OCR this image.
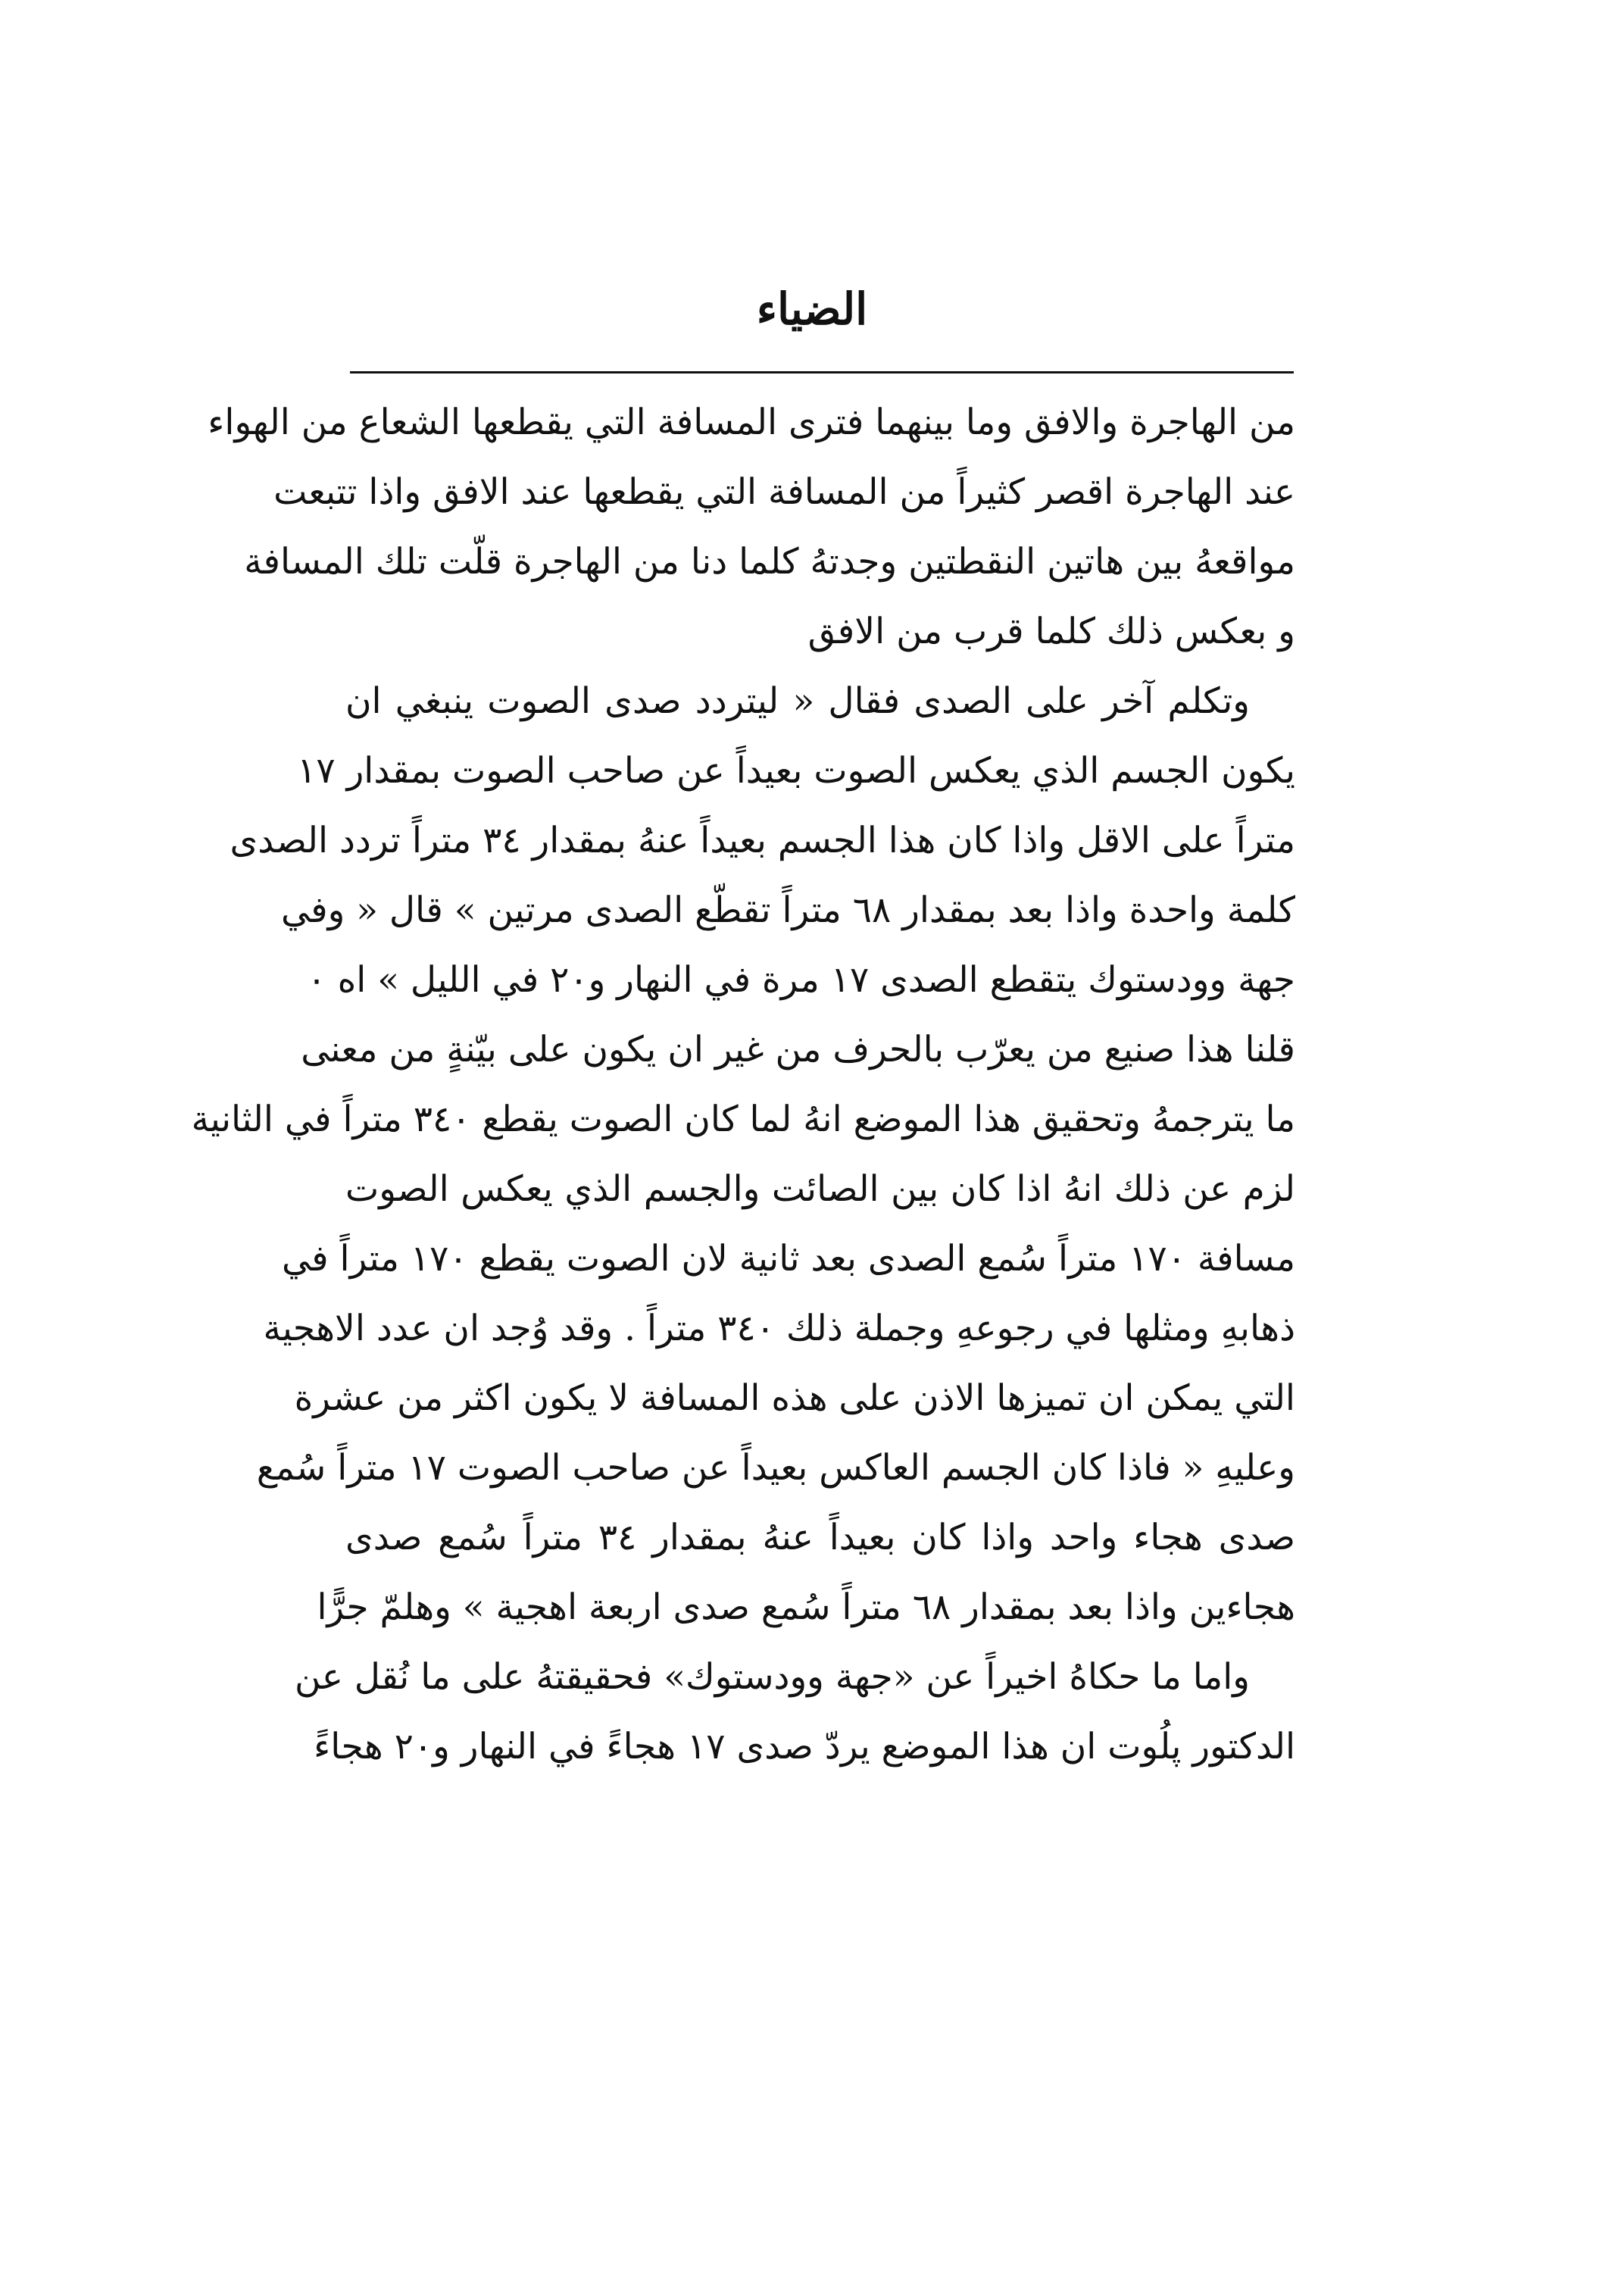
الضياء
من الهاجرة والافق وما بينهما فترى المسافة التي يقطعها الشعاع من الهواء
عند الهاجرة اقصر كثيراً من المسافة التي يقطعها عند الافق واذا تتبعت
مواقعهُ بين هاتين النقطتين وجدتهُ كلما دنا من الهاجرة قلّت تلك المسافة
و بعكس ذلك كلما قرب من الافق
وتكلم آخر على الصدى فقال « ليتردد صدى الصوت ينبغي ان
يكون الجسم الذي يعكس الصوت بعيداً عن صاحب الصوت بمقدار ١٧
متراً على الاقل واذا كان هذا الجسم بعيداً عنهُ بمقدار ٣٤ متراً تردد الصدى
كلمة واحدة واذا بعد بمقدار ٦٨ متراً تقطّع الصدى مرتين » قال « وفي
جهة وودستوك يتقطع الصدى ١٧ مرة في النهار و٢٠ في الليل » اه ٠
قلنا هذا صنيع من يعرّب بالحرف من غير ان يكون على بيّنةٍ من معنى
ما يترجمهُ وتحقيق هذا الموضع انهُ لما كان الصوت يقطع ٣٤٠ متراً في الثانية
لزم عن ذلك انهُ اذا كان بين الصائت والجسم الذي يعكس الصوت
مسافة ١٧٠ متراً سُمع الصدى بعد ثانية لان الصوت يقطع ١٧٠ متراً في
ذهابهِ ومثلها في رجوعهِ وجملة ذلك ٣٤٠ متراً . وقد وُجد ان عدد الاهجية
التي يمكن ان تميزها الاذن على هذه المسافة لا يكون اكثر من عشرة
وعليهِ « فاذا كان الجسم العاكس بعيداً عن صاحب الصوت ١٧ متراً سُمع
صدى هجاء واحد واذا كان بعيداً عنهُ بمقدار ٣٤ متراً سُمع صدى
هجاءين واذا بعد بمقدار ٦٨ متراً سُمع صدى اربعة اهجية » وهلمّ جرًّا
واما ما حكاهُ اخيراً عن «جهة وودستوك» فحقيقتهُ على ما نُقل عن
الدكتور پلُوت ان هذا الموضع يردّ صدى ١٧ هجاءً في النهار و٢٠ هجاءً
